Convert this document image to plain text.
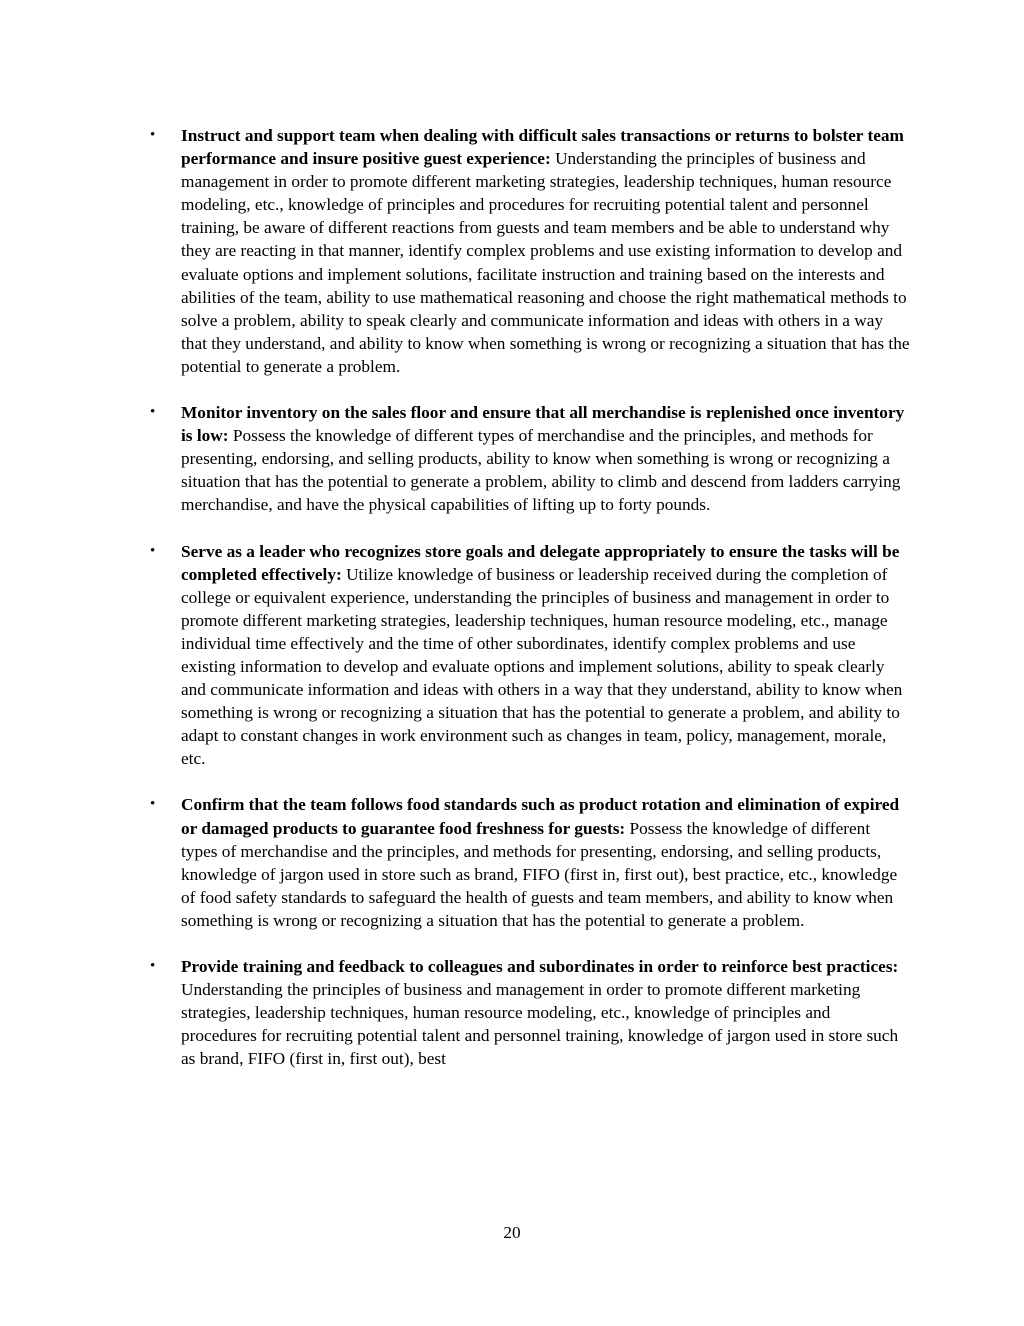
•	Instruct and support team when dealing with difficult sales transactions or returns to bolster team performance and insure positive guest experience: Understanding the principles of business and management in order to promote different marketing strategies, leadership techniques, human resource modeling, etc., knowledge of principles and procedures for recruiting potential talent and personnel training, be aware of different reactions from guests and team members and be able to understand why they are reacting in that manner, identify complex problems and use existing information to develop and evaluate options and implement solutions, facilitate instruction and training based on the interests and abilities of the team, ability to use mathematical reasoning and choose the right mathematical methods to solve a problem, ability to speak clearly and communicate information and ideas with others in a way that they understand, and ability to know when something is wrong or recognizing a situation that has the potential to generate a problem.
•	Monitor inventory on the sales floor and ensure that all merchandise is replenished once inventory is low: Possess the knowledge of different types of merchandise and the principles, and methods for presenting, endorsing, and selling products, ability to know when something is wrong or recognizing a situation that has the potential to generate a problem, ability to climb and descend from ladders carrying merchandise, and have the physical capabilities of lifting up to forty pounds.
•	Serve as a leader who recognizes store goals and delegate appropriately to ensure the tasks will be completed effectively: Utilize knowledge of business or leadership received during the completion of college or equivalent experience, understanding the principles of business and management in order to promote different marketing strategies, leadership techniques, human resource modeling, etc., manage individual time effectively and the time of other subordinates, identify complex problems and use existing information to develop and evaluate options and implement solutions, ability to speak clearly and communicate information and ideas with others in a way that they understand, ability to know when something is wrong or recognizing a situation that has the potential to generate a problem, and ability to adapt to constant changes in work environment such as changes in team, policy, management, morale, etc.
•	Confirm that the team follows food standards such as product rotation and elimination of expired or damaged products to guarantee food freshness for guests: Possess the knowledge of different types of merchandise and the principles, and methods for presenting, endorsing, and selling products, knowledge of jargon used in store such as brand, FIFO (first in, first out), best practice, etc., knowledge of food safety standards to safeguard the health of guests and team members, and ability to know when something is wrong or recognizing a situation that has the potential to generate a problem.
•	Provide training and feedback to colleagues and subordinates in order to reinforce best practices: Understanding the principles of business and management in order to promote different marketing strategies, leadership techniques, human resource modeling, etc., knowledge of principles and procedures for recruiting potential talent and personnel training, knowledge of jargon used in store such as brand, FIFO (first in, first out), best
20
